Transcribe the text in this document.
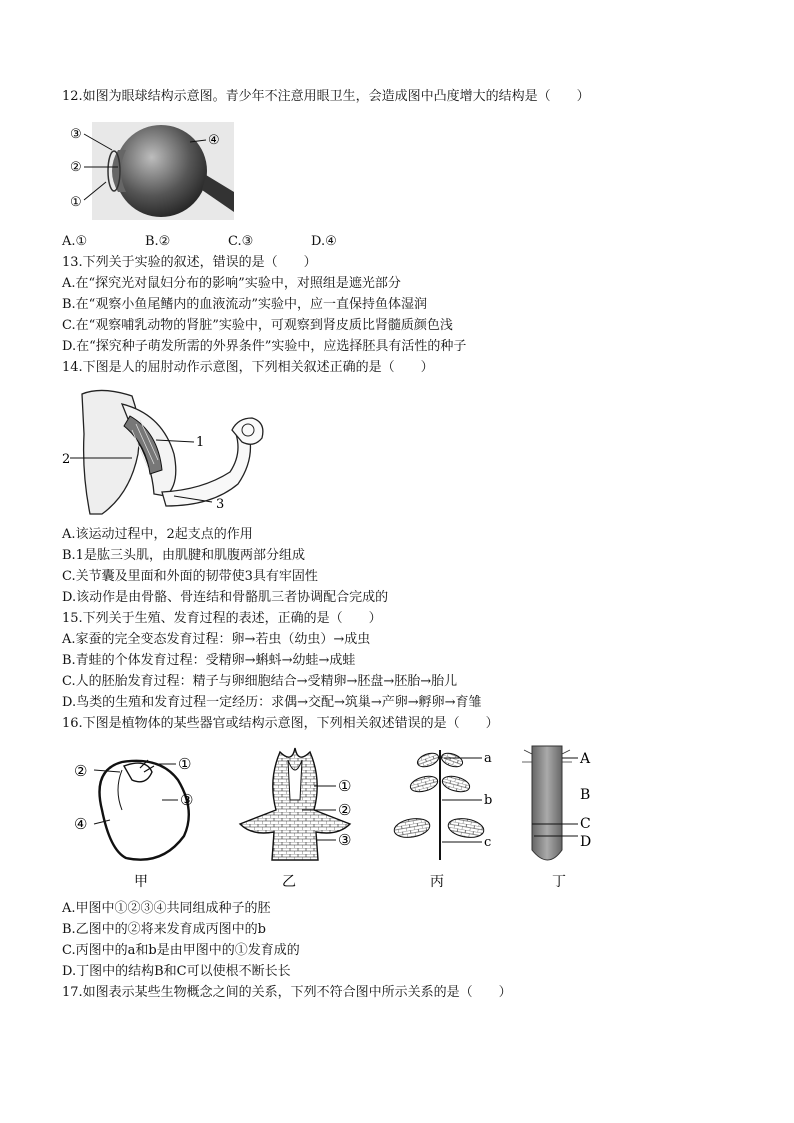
12.如图为眼球结构示意图。青少年不注意用眼卫生，会造成图中凸度增大的结构是（　　）
③
②
①
④
A.①	B.②	C.③	D.④
13.下列关于实验的叙述，错误的是（　　）
A.在“探究光对鼠妇分布的影响”实验中，对照组是遮光部分
B.在“观察小鱼尾鳍内的血液流动”实验中，应一直保持鱼体湿润
C.在“观察哺乳动物的肾脏”实验中，可观察到肾皮质比肾髓质颜色浅
D.在“探究种子萌发所需的外界条件”实验中，应选择胚具有活性的种子
14.下图是人的屈肘动作示意图，下列相关叙述正确的是（　　）
1
2
3
A.该运动过程中，2起支点的作用
B.1是肱三头肌，由肌腱和肌腹两部分组成
C.关节囊及里面和外面的韧带使3具有牢固性
D.该动作是由骨骼、骨连结和骨骼肌三者协调配合完成的
15.下列关于生殖、发育过程的表述，正确的是（　　）
A.家蚕的完全变态发育过程：卵→若虫（幼虫）→成虫
B.青蛙的个体发育过程：受精卵→蝌蚪→幼蛙→成蛙
C.人的胚胎发育过程：精子与卵细胞结合→受精卵→胚盘→胚胎→胎儿
D.鸟类的生殖和发育过程一定经历：求偶→交配→筑巢→产卵→孵卵→育雏
16.下图是植物体的某些器官或结构示意图，下列相关叙述错误的是（　　）
②	①
③
④
①
②
③
a
b
c
A
B
C
D
甲	乙	丙	丁
A.甲图中①②③④共同组成种子的胚
B.乙图中的②将来发育成丙图中的b
C.丙图中的a和b是由甲图中的①发育成的
D.丁图中的结构B和C可以使根不断长长
17.如图表示某些生物概念之间的关系，下列不符合图中所示关系的是（　　）
